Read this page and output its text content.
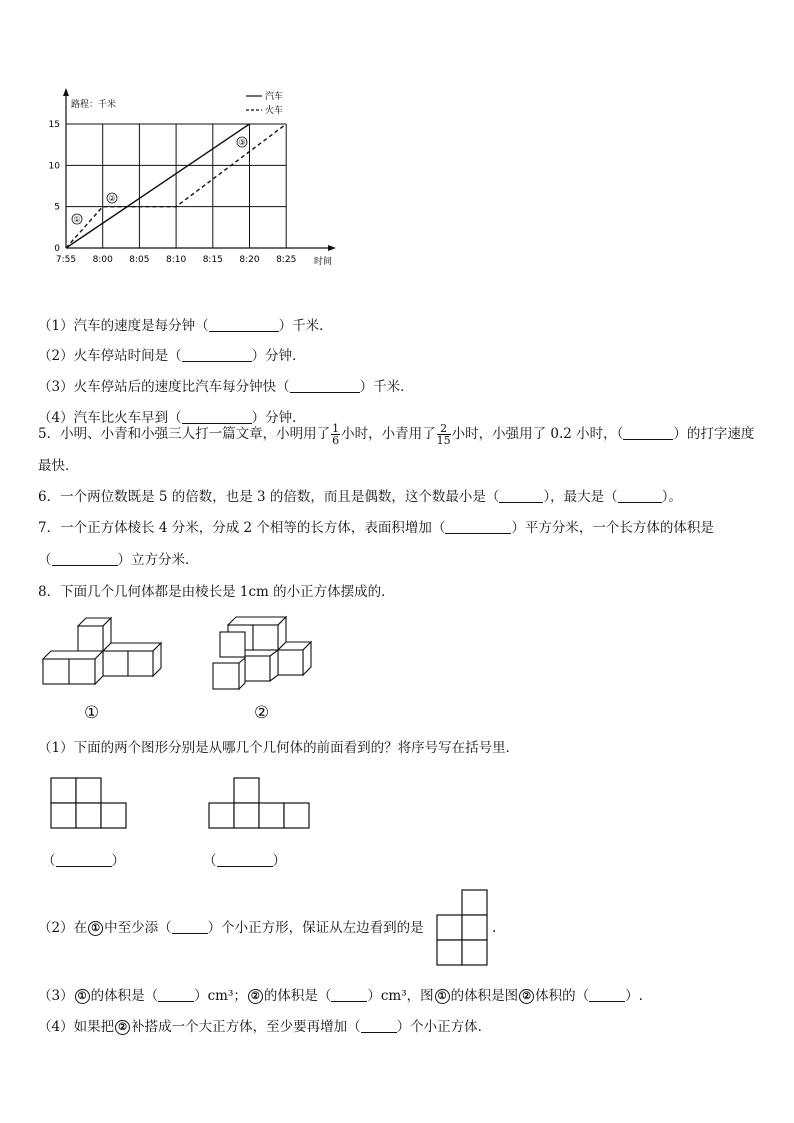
7:55 8:00 8:05 8:10 8:15 8:20 8:25
0
5
10
15
路程：千米
时间
汽车
火车
①
②
③
（1）汽车的速度是每分钟（	）千米．
（2）火车停站时间是（	）分钟．
（3）火车停站后的速度比汽车每分钟快（	）千米．
（4）汽车比火车早到（	）分钟．
5．小明、小青和小强三人打一篇文章，小明用了 $\frac{1}{6}$ 小时，小青用了 $\frac{2}{15}$ 小时，小强用了 0.2 小时，（	）的打字速度
最快．
6．一个两位数既是 5 的倍数，也是 3 的倍数，而且是偶数，这个数最小是（	），最大是（	）。
7．一个正方体棱长 4 分米，分成 2 个相等的长方体，表面积增加（	）平方分米，一个长方体的体积是
（	）立方分米．
8．下面几个几何体都是由棱长是 1cm 的小正方体摆成的．
①	②
（1）下面的两个图形分别是从哪几个几何体的前面看到的？将序号写在括号里．
（	）	（	）
（2）在 ① 中至少添（	）个小正方形，保证从左边看到的是	.
（3） ① 的体积是（	）cm³； ② 的体积是（	）cm³，图 ① 的体积是图 ② 体积的（	）.
（4）如果把 ② 补搭成一个大正方体，至少要再增加（	）个小正方体．
